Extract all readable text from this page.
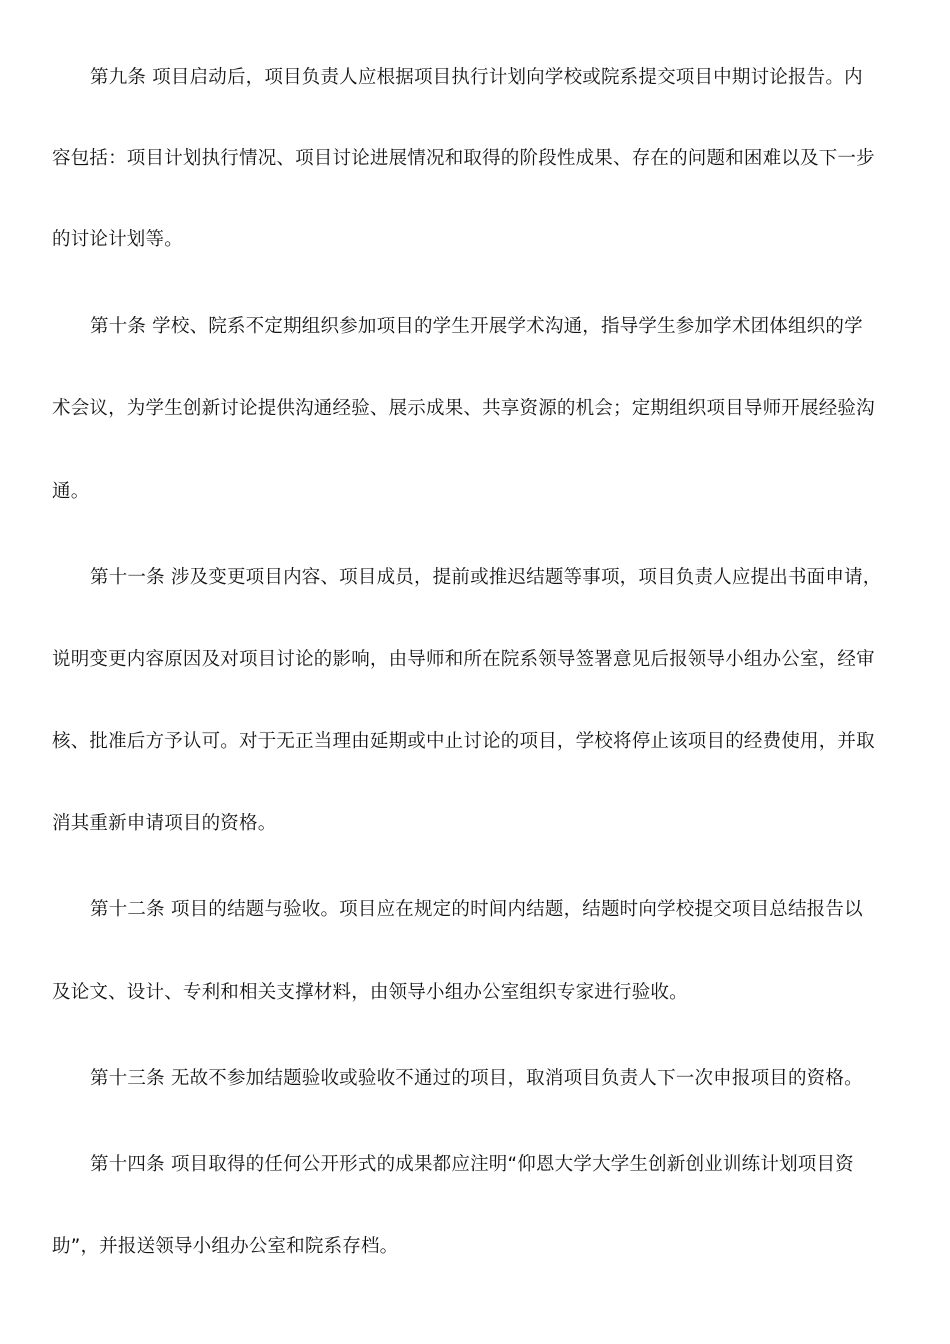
第九条 项目启动后，项目负责人应根据项目执行计划向学校或院系提交项目中期讨论报告。内
容包括：项目计划执行情况、项目讨论进展情况和取得的阶段性成果、存在的问题和困难以及下一步
的讨论计划等。
第十条 学校、院系不定期组织参加项目的学生开展学术沟通，指导学生参加学术团体组织的学
术会议，为学生创新讨论提供沟通经验、展示成果、共享资源的机会；定期组织项目导师开展经验沟
通。
第十一条 涉及变更项目内容、项目成员，提前或推迟结题等事项，项目负责人应提出书面申请，
说明变更内容原因及对项目讨论的影响，由导师和所在院系领导签署意见后报领导小组办公室，经审
核、批准后方予认可。对于无正当理由延期或中止讨论的项目，学校将停止该项目的经费使用，并取
消其重新申请项目的资格。
第十二条 项目的结题与验收。项目应在规定的时间内结题，结题时向学校提交项目总结报告以
及论文、设计、专利和相关支撑材料，由领导小组办公室组织专家进行验收。
第十三条 无故不参加结题验收或验收不通过的项目，取消项目负责人下一次申报项目的资格。
第十四条 项目取得的任何公开形式的成果都应注明“仰恩大学大学生创新创业训练计划项目资
助”，并报送领导小组办公室和院系存档。
